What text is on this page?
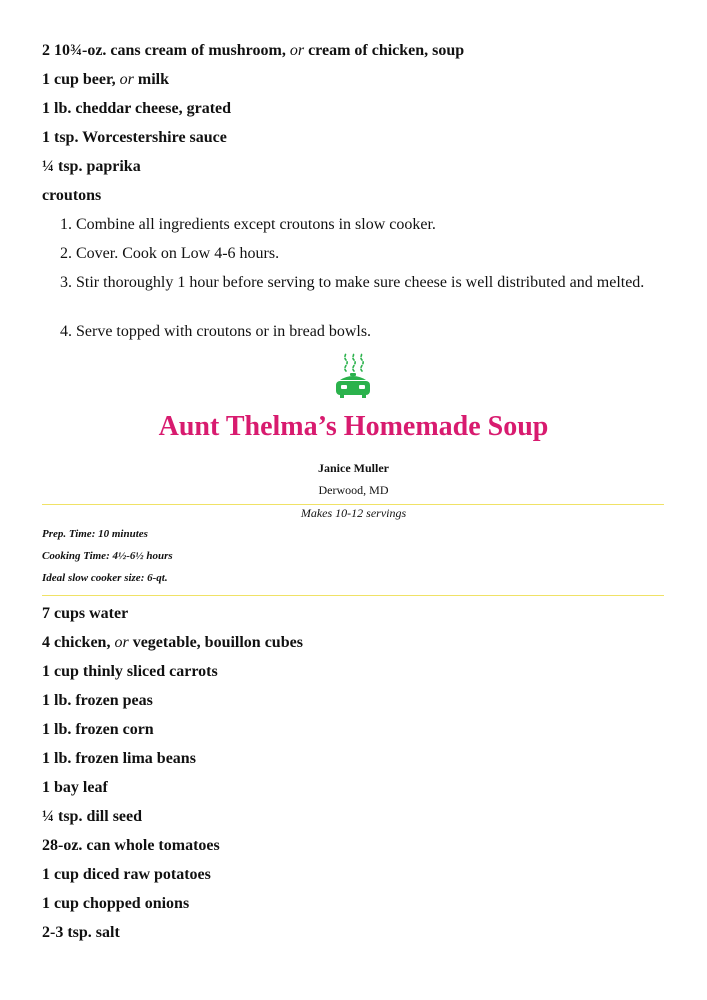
2 10¾-oz. cans cream of mushroom, or cream of chicken, soup

1 cup beer, or milk

1 lb. cheddar cheese, grated

1 tsp. Worcestershire sauce

¼ tsp. paprika

croutons

1. Combine all ingredients except croutons in slow cooker.

2. Cover. Cook on Low 4-6 hours.

3. Stir thoroughly 1 hour before serving to make sure cheese is well distributed and melted.

4. Serve topped with croutons or in bread bowls.

Aunt Thelma’s Homemade Soup

Janice Muller

Derwood, MD

Makes 10-12 servings

Prep. Time: 10 minutes

Cooking Time: 4½-6½ hours

Ideal slow cooker size: 6-qt.

7 cups water

4 chicken, or vegetable, bouillon cubes

1 cup thinly sliced carrots

1 lb. frozen peas

1 lb. frozen corn

1 lb. frozen lima beans

1 bay leaf

¼ tsp. dill seed

28-oz. can whole tomatoes

1 cup diced raw potatoes

1 cup chopped onions

2-3 tsp. salt
